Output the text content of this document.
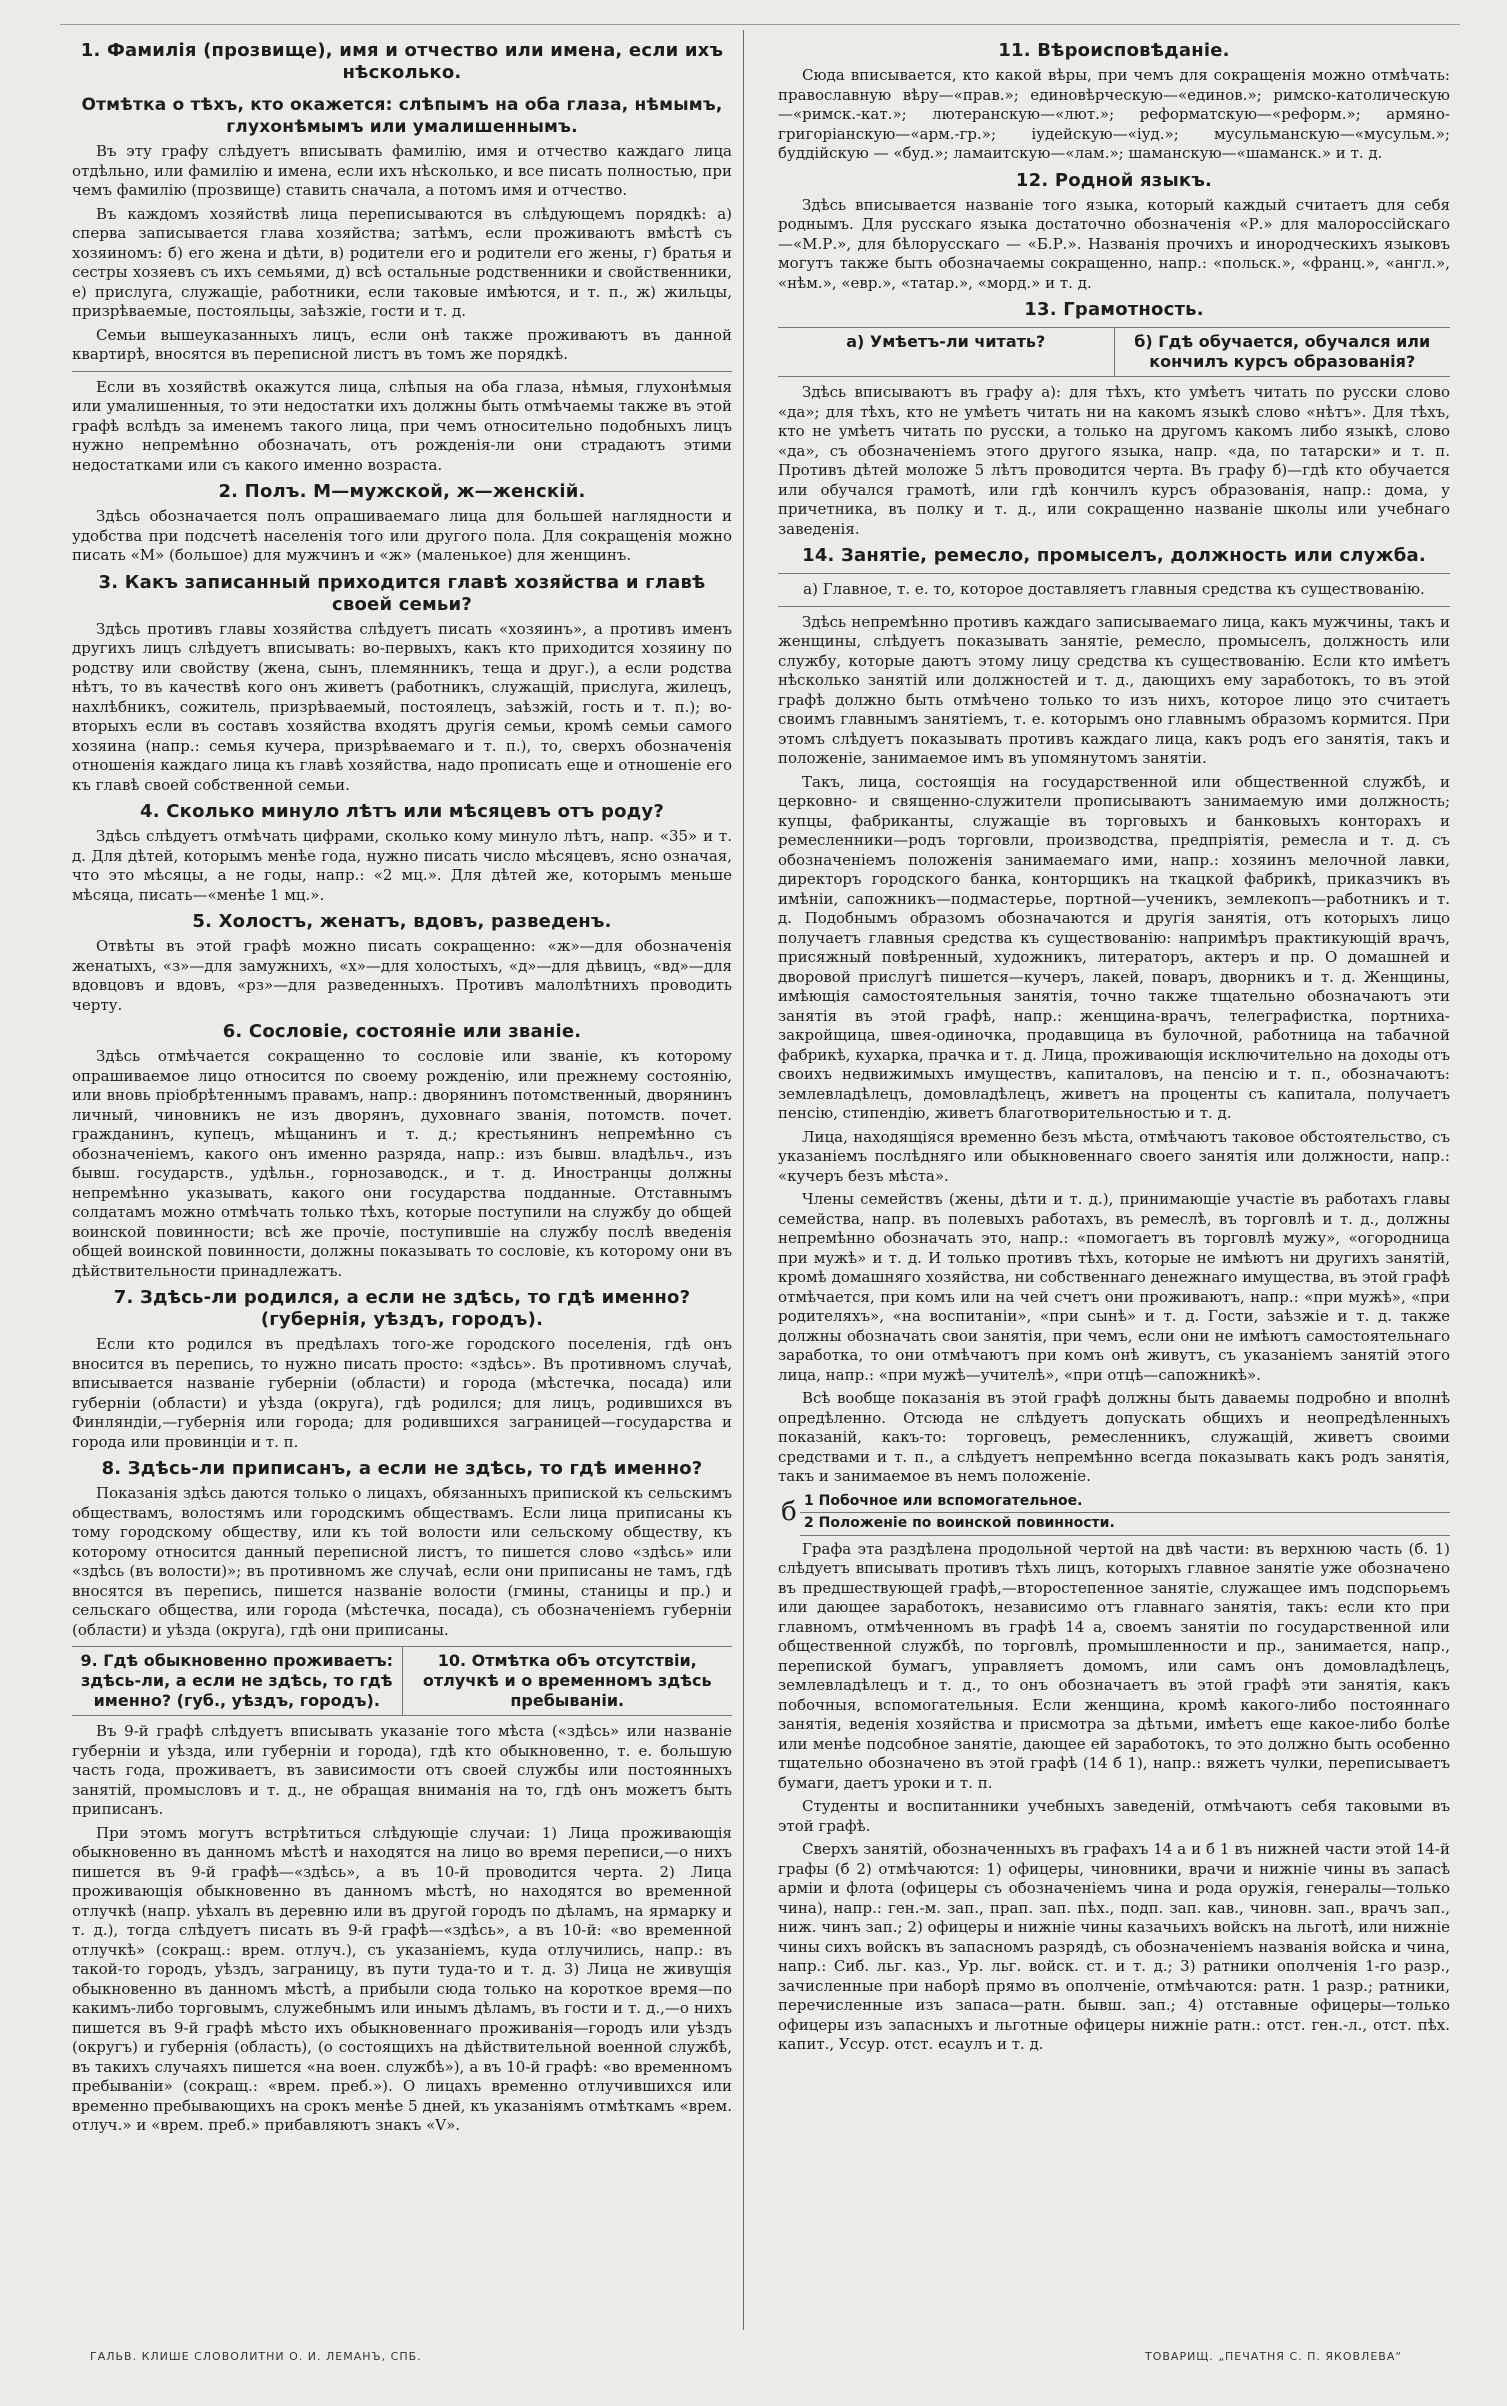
1. Фамилія (прозвище), имя и отчество или имена, если ихъ нѣсколько.
Отмѣтка о тѣхъ, кто окажется: слѣпымъ на оба глаза, нѣмымъ, глухонѣмымъ или умалишеннымъ.

Въ эту графу слѣдуетъ вписывать фамилію, имя и отчество каждаго лица отдѣльно, или фамилію и имена, если ихъ нѣсколько, и все писать полностью, при чемъ фамилію (прозвище) ставить сначала, а потомъ имя и отчество.

Въ каждомъ хозяйствѣ лица переписываются въ слѣдующемъ порядкѣ: а) сперва записывается глава хозяйства; затѣмъ, если проживаютъ вмѣстѣ съ хозяиномъ: б) его жена и дѣти, в) родители его и родители его жены, г) братья и сестры хозяевъ съ ихъ семьями, д) всѣ остальные родственники и свойственники, е) прислуга, служащіе, работники, если таковые имѣются, и т. п., ж) жильцы, призрѣваемые, постояльцы, заѣзжіе, гости и т. д.

Семьи вышеуказанныхъ лицъ, если онѣ также проживаютъ въ данной квартирѣ, вносятся въ переписной листъ въ томъ же порядкѣ.

Если въ хозяйствѣ окажутся лица, слѣпыя на оба глаза, нѣмыя, глухонѣмыя или умалишенныя, то эти недостатки ихъ должны быть отмѣчаемы также въ этой графѣ вслѣдъ за именемъ такого лица, при чемъ относительно подобныхъ лицъ нужно непремѣнно обозначать, отъ рожденія-ли они страдаютъ этими недостатками или съ какого именно возраста.

2. Полъ. М—мужской, ж—женскій.

Здѣсь обозначается полъ опрашиваемаго лица для большей наглядности и удобства при подсчетѣ населенія того или другого пола. Для сокращенія можно писать «М» (большое) для мужчинъ и «ж» (маленькое) для женщинъ.

3. Какъ записанный приходится главѣ хозяйства и главѣ своей семьи?

Здѣсь противъ главы хозяйства слѣдуетъ писать «хозяинъ», а противъ именъ другихъ лицъ слѣдуетъ вписывать: во-первыхъ, какъ кто приходится хозяину по родству или свойству (жена, сынъ, племянникъ, теща и друг.), а если родства нѣтъ, то въ качествѣ кого онъ живетъ (работникъ, служащій, прислуга, жилецъ, нахлѣбникъ, сожитель, призрѣваемый, постоялецъ, заѣзжій, гость и т. п.); во-вторыхъ если въ составъ хозяйства входятъ другія семьи, кромѣ семьи самого хозяина (напр.: семья кучера, призрѣваемаго и т. п.), то, сверхъ обозначенія отношенія каждаго лица къ главѣ хозяйства, надо прописать еще и отношеніе его къ главѣ своей собственной семьи.

4. Сколько минуло лѣтъ или мѣсяцевъ отъ роду?

Здѣсь слѣдуетъ отмѣчать цифрами, сколько кому минуло лѣтъ, напр. «35» и т. д. Для дѣтей, которымъ менѣе года, нужно писать число мѣсяцевъ, ясно означая, что это мѣсяцы, а не годы, напр.: «2 мц.». Для дѣтей же, которымъ меньше мѣсяца, писать—«менѣе 1 мц.».

5. Холостъ, женатъ, вдовъ, разведенъ.

Отвѣты въ этой графѣ можно писать сокращенно: «ж»—для обозначенія женатыхъ, «з»—для замужнихъ, «х»—для холостыхъ, «д»—для дѣвицъ, «вд»—для вдовцовъ и вдовъ, «рз»—для разведенныхъ. Противъ малолѣтнихъ проводить черту.

6. Сословіе, состояніе или званіе.

Здѣсь отмѣчается сокращенно то сословіе или званіе, къ которому опрашиваемое лицо относится по своему рожденію, или прежнему состоянію, или вновь пріобрѣтеннымъ правамъ, напр.: дворянинъ потомственный, дворянинъ личный, чиновникъ не изъ дворянъ, духовнаго званія, потомств. почет. гражданинъ, купецъ, мѣщанинъ и т. д.; крестьянинъ непремѣнно съ обозначеніемъ, какого онъ именно разряда, напр.: изъ бывш. владѣльч., изъ бывш. государств., удѣльн., горнозаводск., и т. д. Иностранцы должны непремѣнно указывать, какого они государства подданные. Отставнымъ солдатамъ можно отмѣчать только тѣхъ, которые поступили на службу до общей воинской повинности; всѣ же прочіе, поступившіе на службу послѣ введенія общей воинской повинности, должны показывать то сословіе, къ которому они въ дѣйствительности принадлежатъ.

7. Здѣсь-ли родился, а если не здѣсь, то гдѣ именно? (губернія, уѣздъ, городъ).

Если кто родился въ предѣлахъ того-же городского поселенія, гдѣ онъ вносится въ перепись, то нужно писать просто: «здѣсь». Въ противномъ случаѣ, вписывается названіе губерніи (области) и города (мѣстечка, посада) или губерніи (области) и уѣзда (округа), гдѣ родился; для лицъ, родившихся въ Финляндіи,—губернія или города; для родившихся заграницей—государства и города или провинціи и т. п.

8. Здѣсь-ли приписанъ, а если не здѣсь, то гдѣ именно?

Показанія здѣсь даются только о лицахъ, обязанныхъ припиской къ сельскимъ обществамъ, волостямъ или городскимъ обществамъ. Если лица приписаны къ тому городскому обществу, или къ той волости или сельскому обществу, къ которому относится данный переписной листъ, то пишется слово «здѣсь» или «здѣсь (въ волости)»; въ противномъ же случаѣ, если они приписаны не тамъ, гдѣ вносятся въ перепись, пишется названіе волости (гмины, станицы и пр.) и сельскаго общества, или города (мѣстечка, посада), съ обозначеніемъ губерніи (области) и уѣзда (округа), гдѣ они приписаны.

9. Гдѣ обыкновенно проживаетъ: здѣсь-ли, а если не здѣсь, то гдѣ именно? (губ., уѣздъ, городъ).
10. Отмѣтка объ отсутствіи, отлучкѣ и о временномъ здѣсь пребываніи.

Въ 9-й графѣ слѣдуетъ вписывать указаніе того мѣста («здѣсь» или названіе губерніи и уѣзда, или губерніи и города), гдѣ кто обыкновенно, т. е. большую часть года, проживаетъ, въ зависимости отъ своей службы или постоянныхъ занятій, промысловъ и т. д., не обращая вниманія на то, гдѣ онъ можетъ быть приписанъ.

При этомъ могутъ встрѣтиться слѣдующіе случаи: 1) Лица проживающія обыкновенно въ данномъ мѣстѣ и находятся на лицо во время переписи,—о нихъ пишется въ 9-й графѣ—«здѣсь», а въ 10-й проводится черта. 2) Лица проживающія обыкновенно въ данномъ мѣстѣ, но находятся во временной отлучкѣ (напр. уѣхалъ въ деревню или въ другой городъ по дѣламъ, на ярмарку и т. д.), тогда слѣдуетъ писать въ 9-й графѣ—«здѣсь», а въ 10-й: «во временной отлучкѣ» (сокращ.: врем. отлуч.), съ указаніемъ, куда отлучились, напр.: въ такой-то городъ, уѣздъ, заграницу, въ пути туда-то и т. д. 3) Лица не живущія обыкновенно въ данномъ мѣстѣ, а прибыли сюда только на короткое время—по какимъ-либо торговымъ, служебнымъ или инымъ дѣламъ, въ гости и т. д.,—о нихъ пишется въ 9-й графѣ мѣсто ихъ обыкновеннаго проживанія—городъ или уѣздъ (округъ) и губернія (область), (о состоящихъ на дѣйствительной военной службѣ, въ такихъ случаяхъ пишется «на воен. службѣ»), а въ 10-й графѣ: «во временномъ пребываніи» (сокращ.: «врем. преб.»). О лицахъ временно отлучившихся или временно пребывающихъ на срокъ менѣе 5 дней, къ указаніямъ отмѣткамъ «врем. отлуч.» и «врем. преб.» прибавляютъ знакъ «V».

11. Вѣроисповѣданіе.

Сюда вписывается, кто какой вѣры, при чемъ для сокращенія можно отмѣчать: православную вѣру—«прав.»; единовѣрческую—«единов.»; римско-католическую—«римск.-кат.»; лютеранскую—«лют.»; реформатскую—«реформ.»; армяно-григоріанскую—«арм.-гр.»; іудейскую—«іуд.»; мусульманскую—«мусульм.»; буддійскую — «буд.»; ламаитскую—«лам.»; шаманскую—«шаманск.» и т. д.

12. Родной языкъ.

Здѣсь вписывается названіе того языка, который каждый считаетъ для себя роднымъ. Для русскаго языка достаточно обозначенія «Р.» для малороссійскаго—«М.Р.», для бѣлорусскаго — «Б.Р.». Названія прочихъ и инородческихъ языковъ могутъ также быть обозначаемы сокращенно, напр.: «польск.», «франц.», «англ.», «нѣм.», «евр.», «татар.», «морд.» и т. д.

13. Грамотность.
а) Умѣетъ-ли читать?	б) Гдѣ обучается, обучался или кончилъ курсъ образованія?

Здѣсь вписываютъ въ графу а): для тѣхъ, кто умѣетъ читать по русски слово «да»; для тѣхъ, кто не умѣетъ читать ни на какомъ языкѣ слово «нѣтъ». Для тѣхъ, кто не умѣетъ читать по русски, а только на другомъ какомъ либо языкѣ, слово «да», съ обозначеніемъ этого другого языка, напр. «да, по татарски» и т. п. Противъ дѣтей моложе 5 лѣтъ проводится черта. Въ графу б)—гдѣ кто обучается или обучался грамотѣ, или гдѣ кончилъ курсъ образованія, напр.: дома, у причетника, въ полку и т. д., или сокращенно названіе школы или учебнаго заведенія.

14. Занятіе, ремесло, промыселъ, должность или служба.

а) Главное, т. е. то, которое доставляетъ главныя средства къ существованію.

Здѣсь непремѣнно противъ каждаго записываемаго лица, какъ мужчины, такъ и женщины, слѣдуетъ показывать занятіе, ремесло, промыселъ, должность или службу, которые даютъ этому лицу средства къ существованію. Если кто имѣетъ нѣсколько занятій или должностей и т. д., дающихъ ему заработокъ, то въ этой графѣ должно быть отмѣчено только то изъ нихъ, которое лицо это считаетъ своимъ главнымъ занятіемъ, т. е. которымъ оно главнымъ образомъ кормится. При этомъ слѣдуетъ показывать противъ каждаго лица, какъ родъ его занятія, такъ и положеніе, занимаемое имъ въ упомянутомъ занятіи.

Такъ, лица, состоящія на государственной или общественной службѣ, и церковно- и священно-служители прописываютъ занимаемую ими должность; купцы, фабриканты, служащіе въ торговыхъ и банковыхъ конторахъ и ремесленники—родъ торговли, производства, предпріятія, ремесла и т. д. съ обозначеніемъ положенія занимаемаго ими, напр.: хозяинъ мелочной лавки, директоръ городского банка, конторщикъ на ткацкой фабрикѣ, приказчикъ въ имѣніи, сапожникъ—подмастерье, портной—ученикъ, землекопъ—работникъ и т. д. Подобнымъ образомъ обозначаются и другія занятія, отъ которыхъ лицо получаетъ главныя средства къ существованію: напримѣръ практикующій врачъ, присяжный повѣренный, художникъ, литераторъ, актеръ и пр. О домашней и дворовой прислугѣ пишется—кучеръ, лакей, поваръ, дворникъ и т. д. Женщины, имѣющія самостоятельныя занятія, точно также тщательно обозначаютъ эти занятія въ этой графѣ, напр.: женщина-врачъ, телеграфистка, портниха-закройщица, швея-одиночка, продавщица въ булочной, работница на табачной фабрикѣ, кухарка, прачка и т. д. Лица, проживающія исключительно на доходы отъ своихъ недвижимыхъ имуществъ, капиталовъ, на пенсію и т. п., обозначаютъ: землевладѣлецъ, домовладѣлецъ, живетъ на проценты съ капитала, получаетъ пенсію, стипендію, живетъ благотворительностью и т. д.

Лица, находящіяся временно безъ мѣста, отмѣчаютъ таковое обстоятельство, съ указаніемъ послѣдняго или обыкновеннаго своего занятія или должности, напр.: «кучеръ безъ мѣста».

Члены семействъ (жены, дѣти и т. д.), принимающіе участіе въ работахъ главы семейства, напр. въ полевыхъ работахъ, въ ремеслѣ, въ торговлѣ и т. д., должны непремѣнно обозначать это, напр.: «помогаетъ въ торговлѣ мужу», «огородница при мужѣ» и т. д. И только противъ тѣхъ, которые не имѣютъ ни другихъ занятій, кромѣ домашняго хозяйства, ни собственнаго денежнаго имущества, въ этой графѣ отмѣчается, при комъ или на чей счетъ они проживаютъ, напр.: «при мужѣ», «при родителяхъ», «на воспитаніи», «при сынѣ» и т. д. Гости, заѣзжіе и т. д. также должны обозначать свои занятія, при чемъ, если они не имѣютъ самостоятельнаго заработка, то они отмѣчаютъ при комъ онѣ живутъ, съ указаніемъ занятій этого лица, напр.: «при мужѣ—учителѣ», «при отцѣ—сапожникѣ».

Всѣ вообще показанія въ этой графѣ должны быть даваемы подробно и вполнѣ опредѣленно. Отсюда не слѣдуетъ допускать общихъ и неопредѣленныхъ показаній, какъ-то: торговецъ, ремесленникъ, служащій, живетъ своими средствами и т. п., а слѣдуетъ непремѣнно всегда показывать какъ родъ занятія, такъ и занимаемое въ немъ положеніе.

б 1 Побочное или вспомогательное.
2 Положеніе по воинской повинности.

Графа эта раздѣлена продольной чертой на двѣ части: въ верхнюю часть (б. 1) слѣдуетъ вписывать противъ тѣхъ лицъ, которыхъ главное занятіе уже обозначено въ предшествующей графѣ,—второстепенное занятіе, служащее имъ подспорьемъ или дающее заработокъ, независимо отъ главнаго занятія, такъ: если кто при главномъ, отмѣченномъ въ графѣ 14 а, своемъ занятіи по государственной или общественной службѣ, по торговлѣ, промышленности и пр., занимается, напр., перепиской бумагъ, управляетъ домомъ, или самъ онъ домовладѣлецъ, землевладѣлецъ и т. д., то онъ обозначаетъ въ этой графѣ эти занятія, какъ побочныя, вспомогательныя. Если женщина, кромѣ какого-либо постояннаго занятія, веденія хозяйства и присмотра за дѣтьми, имѣетъ еще какое-либо болѣе или менѣе подсобное занятіе, дающее ей заработокъ, то это должно быть особенно тщательно обозначено въ этой графѣ (14 б 1), напр.: вяжетъ чулки, переписываетъ бумаги, даетъ уроки и т. п.

Студенты и воспитанники учебныхъ заведеній, отмѣчаютъ себя таковыми въ этой графѣ.

Сверхъ занятій, обозначенныхъ въ графахъ 14 а и б 1 въ нижней части этой 14-й графы (б 2) отмѣчаются: 1) офицеры, чиновники, врачи и нижніе чины въ запасѣ арміи и флота (офицеры съ обозначеніемъ чина и рода оружія, генералы—только чина), напр.: ген.-м. зап., прап. зап. пѣх., подп. зап. кав., чиновн. зап., врачъ зап., ниж. чинъ зап.; 2) офицеры и нижніе чины казачьихъ войскъ на льготѣ, или нижніе чины сихъ войскъ въ запасномъ разрядѣ, съ обозначеніемъ названія войска и чина, напр.: Сиб. льг. каз., Ур. льг. войск. ст. и т. д.; 3) ратники ополченія 1-го разр., зачисленные при наборѣ прямо въ ополченіе, отмѣчаются: ратн. 1 разр.; ратники, перечисленные изъ запаса—ратн. бывш. зап.; 4) отставные офицеры—только офицеры изъ запасныхъ и льготные офицеры нижніе ратн.: отст. ген.-л., отст. пѣх. капит., Уссур. отст. есаулъ и т. д.

ГАЛЬВ. КЛИШЕ СЛОВОЛИТНИ О. И. ЛЕМАНЪ, СПБ.	ТОВАРИЩ. „ПЕЧАТНЯ С. П. ЯКОВЛЕВА“
